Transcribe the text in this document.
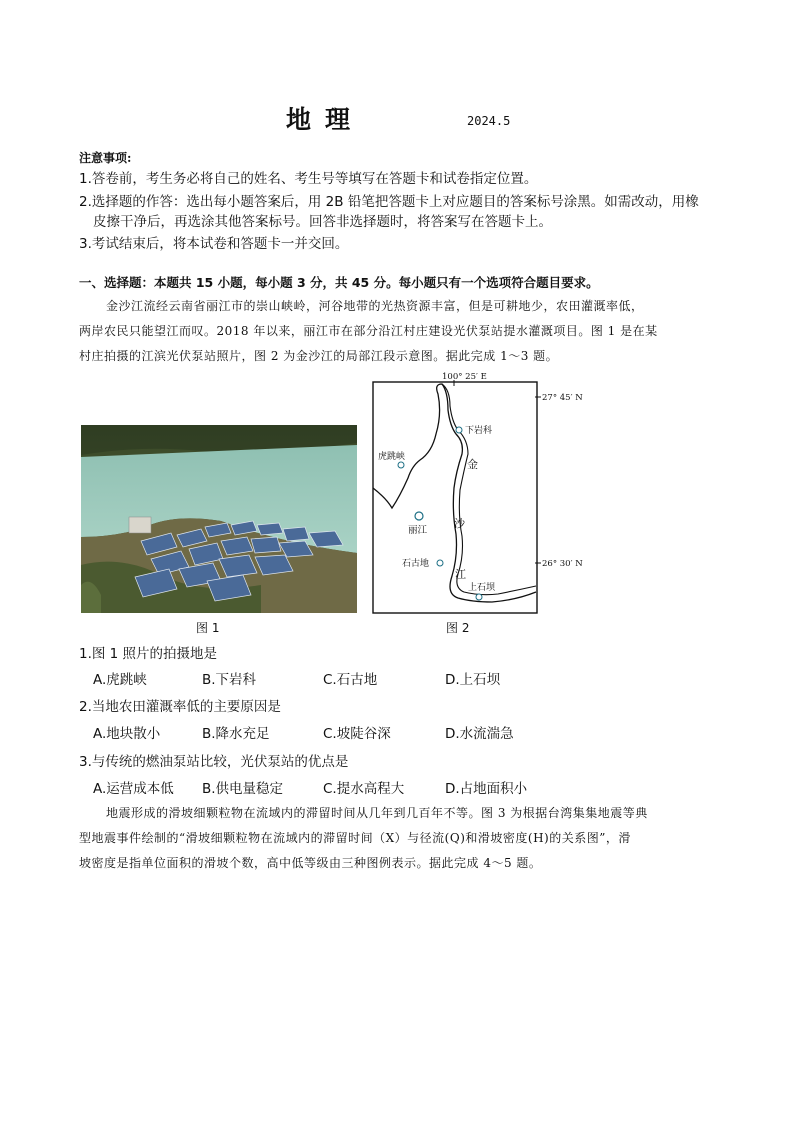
地理	2024.5
注意事项:
1.答卷前，考生务必将自己的姓名、考生号等填写在答题卡和试卷指定位置。
2.选择题的作答：选出每小题答案后，用 2B 铅笔把答题卡上对应题目的答案标号涂黑。如需改动，用橡
皮擦干净后，再选涂其他答案标号。回答非选择题时，将答案写在答题卡上。
3.考试结束后，将本试卷和答题卡一并交回。
一、选择题：本题共 15 小题，每小题 3 分，共 45 分。每小题只有一个选项符合题目要求。
金沙江流经云南省丽江市的崇山峡岭，河谷地带的光热资源丰富，但是可耕地少，农田灌溉率低，
两岸农民只能望江而叹。2018 年以来，丽江市在部分沿江村庄建设光伏泵站提水灌溉项目。图 1 是在某
村庄拍摄的江滨光伏泵站照片，图 2 为金沙江的局部江段示意图。据此完成 1～3 题。
图 1
100° 25′ E
27° 45′ N
26° 30′ N
下岩科
虎跳峡
丽江
石古地
上石坝
金
沙
江
图 2
1.图 1 照片的拍摄地是
A.虎跳峡	B.下岩科	C.石古地	D.上石坝
2.当地农田灌溉率低的主要原因是
A.地块散小	B.降水充足	C.坡陡谷深	D.水流湍急
3.与传统的燃油泵站比较，光伏泵站的优点是
A.运营成本低 B.供电量稳定	C.提水高程大	D.占地面积小
地震形成的滑坡细颗粒物在流域内的滞留时间从几年到几百年不等。图 3 为根据台湾集集地震等典
型地震事件绘制的“滑坡细颗粒物在流域内的滞留时间（X）与径流(Q)和滑坡密度(H)的关系图”，滑
坡密度是指单位面积的滑坡个数，高中低等级由三种图例表示。据此完成 4～5 题。
